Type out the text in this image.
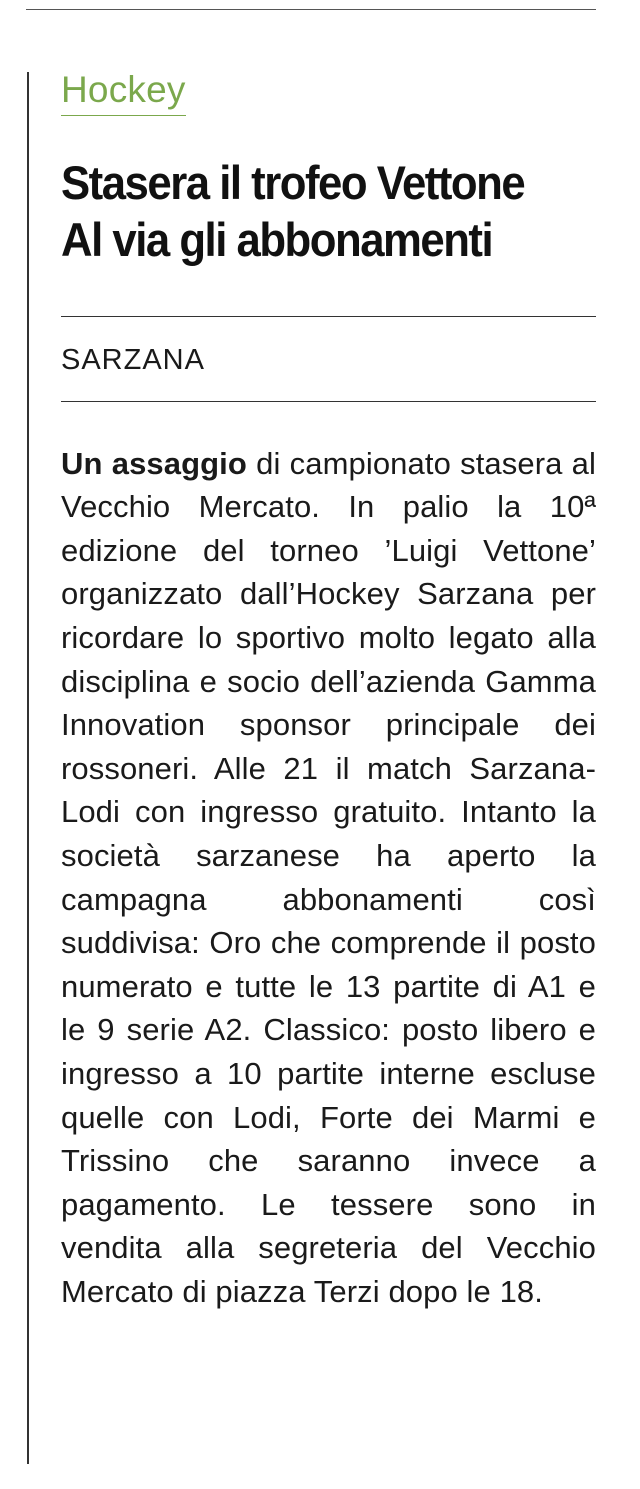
Hockey
Stasera il trofeo Vettone
Al via gli abbonamenti
SARZANA

Un assaggio di campionato stasera al Vecchio Mercato. In palio la 10ª edizione del torneo ’Luigi Vettone’ organizzato dall’Hockey Sarzana per ricordare lo sportivo molto legato alla disciplina e socio dell’azienda Gamma Innovation sponsor principale dei rossoneri. Alle 21 il match Sarzana-Lodi con ingresso gratuito. Intanto la società sarzanese ha aperto la campagna abbonamenti così suddivisa: Oro che comprende il posto numerato e tutte le 13 partite di A1 e le 9 serie A2. Classico: posto libero e ingresso a 10 partite interne escluse quelle con Lodi, Forte dei Marmi e Trissino che saranno invece a pagamento. Le tessere sono in vendita alla segreteria del Vecchio Mercato di piazza Terzi dopo le 18.
